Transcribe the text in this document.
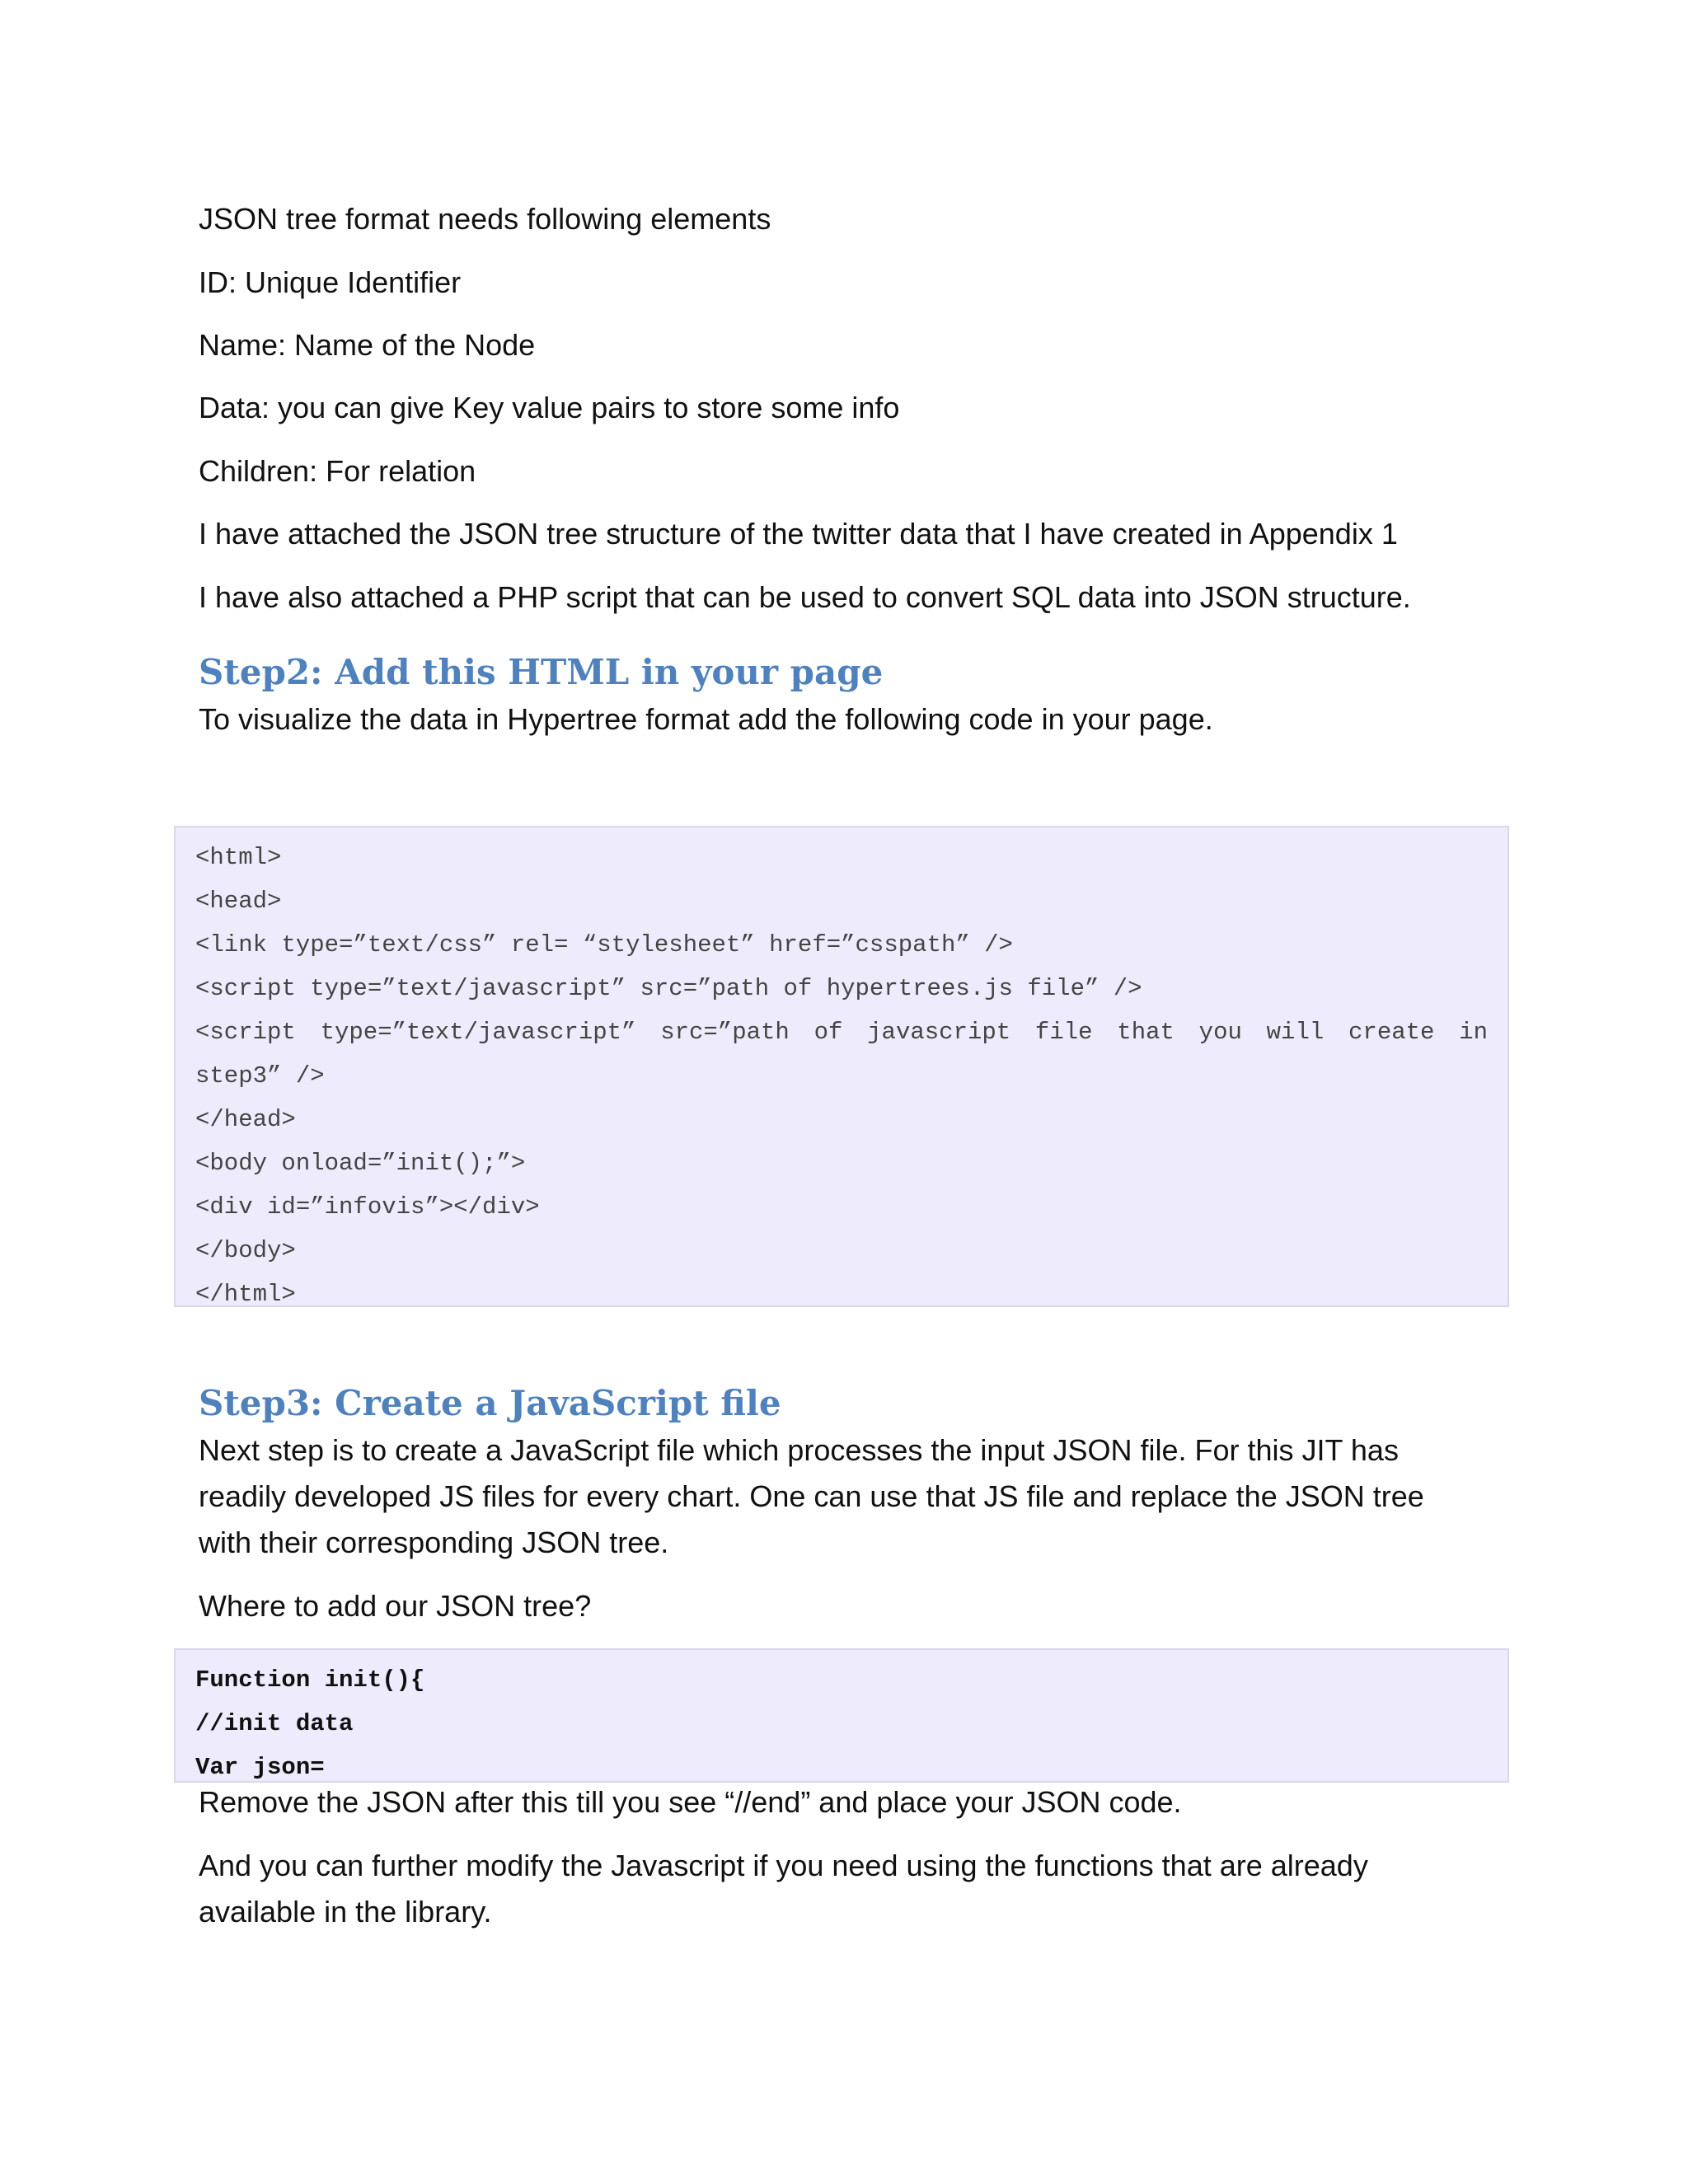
JSON tree format needs following elements

ID: Unique Identifier

Name: Name of the Node

Data: you can give Key value pairs to store some info

Children: For relation

I have attached the JSON tree structure of the twitter data that I have created in Appendix 1

I have also attached a PHP script that can be used to convert SQL data into JSON structure.

Step2: Add this HTML in your page

To visualize the data in Hypertree format add the following code in your page.

<html>

<head>

<link type=”text/css” rel= “stylesheet” href=”csspath” />

<script type=”text/javascript” src=”path of hypertrees.js file” />

<script type=”text/javascript” src=”path of javascript file that you will create in

step3” />

</head>

<body onload=”init();”>

<div id=”infovis”></div>

</body>

</html>

Step3: Create a JavaScript file

Next step is to create a JavaScript file which processes the input JSON file. For this JIT has readily developed JS files for every chart. One can use that JS file and replace the JSON tree with their corresponding JSON tree.

Where to add our JSON tree?

Function init(){

//init data

Var json=

Remove the JSON after this till you see “//end” and place your JSON code.

And you can further modify the Javascript if you need using the functions that are already available in the library.
